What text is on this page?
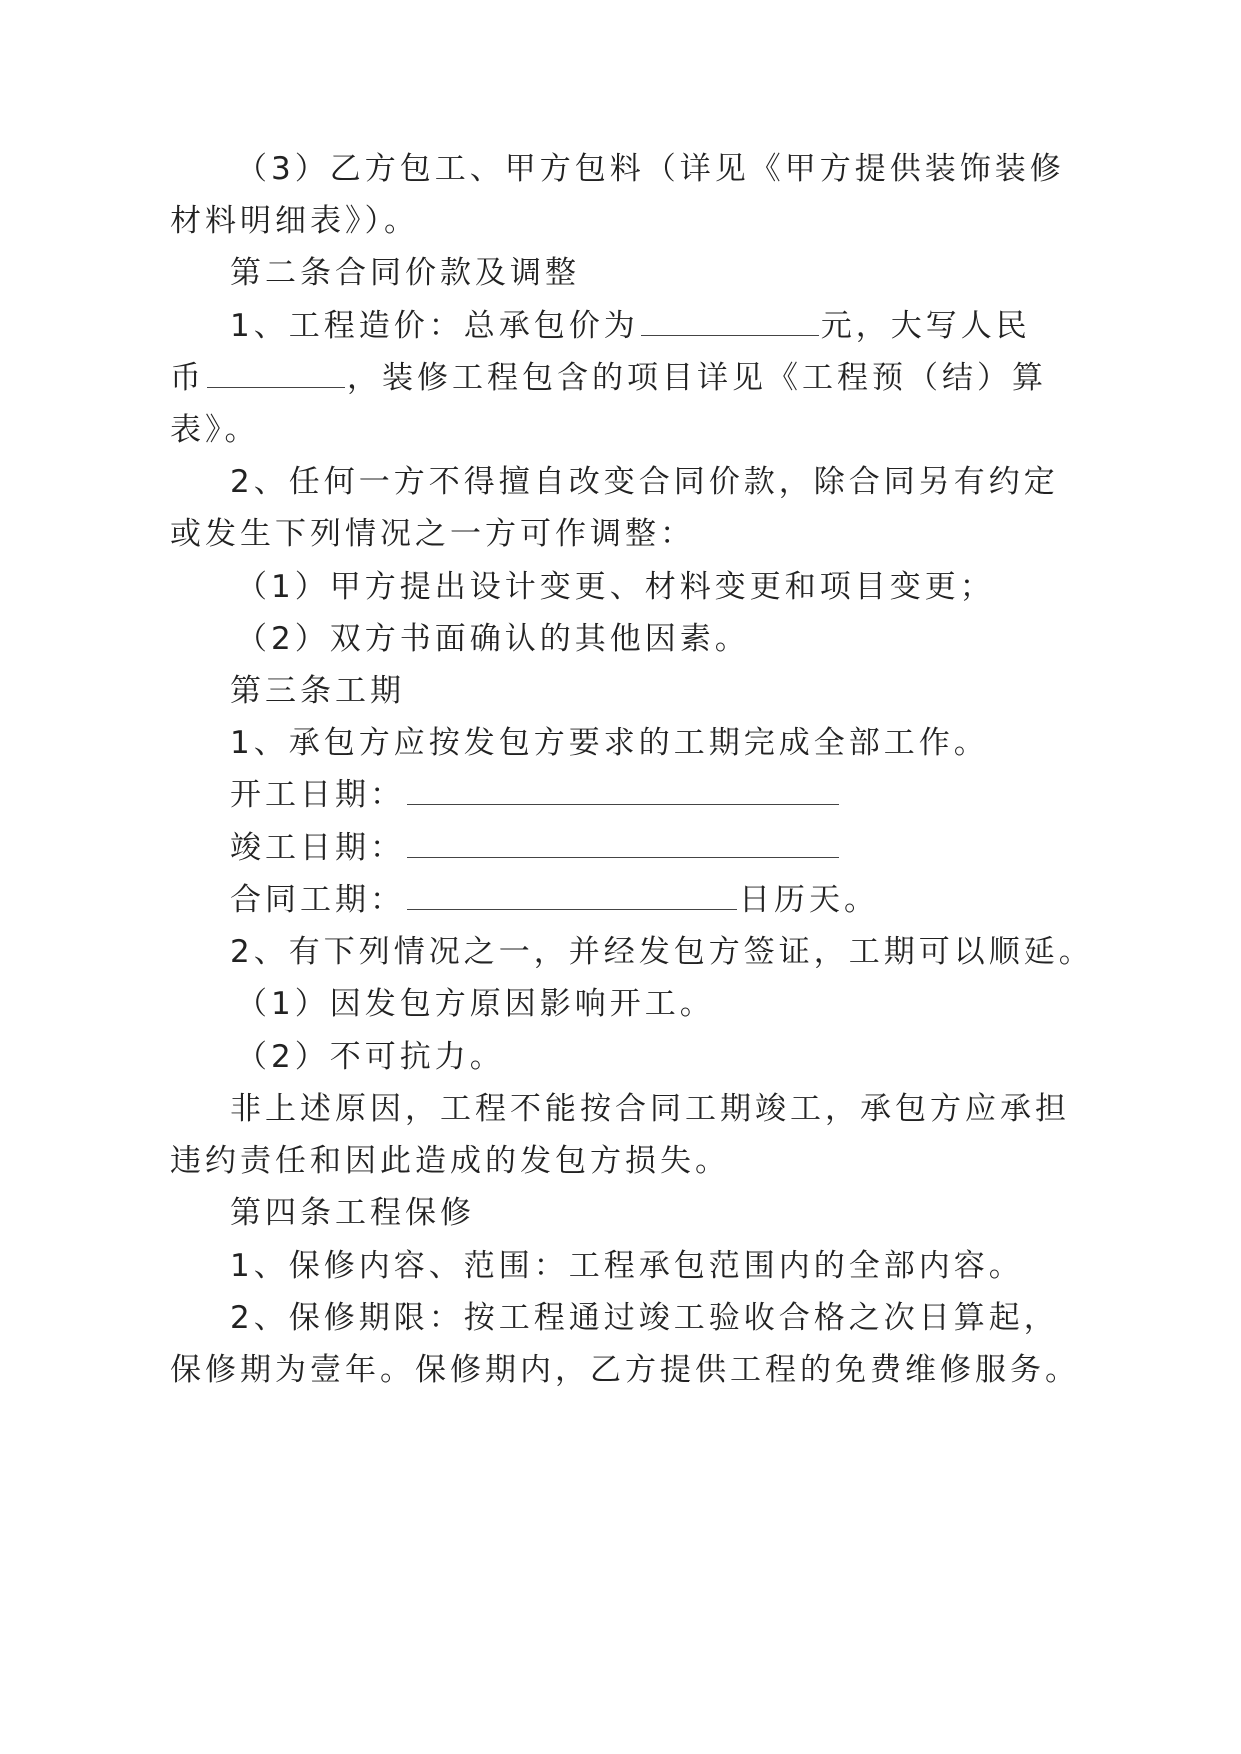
（3）乙方包工、甲方包料（详见《甲方提供装饰装修
材料明细表》）。
第二条合同价款及调整
1、工程造价：总承包价为	元，大写人民
币	，装修工程包含的项目详见《工程预（结）算
表》。
2、任何一方不得擅自改变合同价款，除合同另有约定
或发生下列情况之一方可作调整：
（1）甲方提出设计变更、材料变更和项目变更；
（2）双方书面确认的其他因素。
第三条工期
1、承包方应按发包方要求的工期完成全部工作。
开工日期：
竣工日期：
合同工期：	日历天。
2、有下列情况之一，并经发包方签证，工期可以顺延。
（1）因发包方原因影响开工。
（2）不可抗力。
非上述原因，工程不能按合同工期竣工，承包方应承担
违约责任和因此造成的发包方损失。
第四条工程保修
1、保修内容、范围：工程承包范围内的全部内容。
2、保修期限：按工程通过竣工验收合格之次日算起，
保修期为壹年。保修期内，乙方提供工程的免费维修服务。
